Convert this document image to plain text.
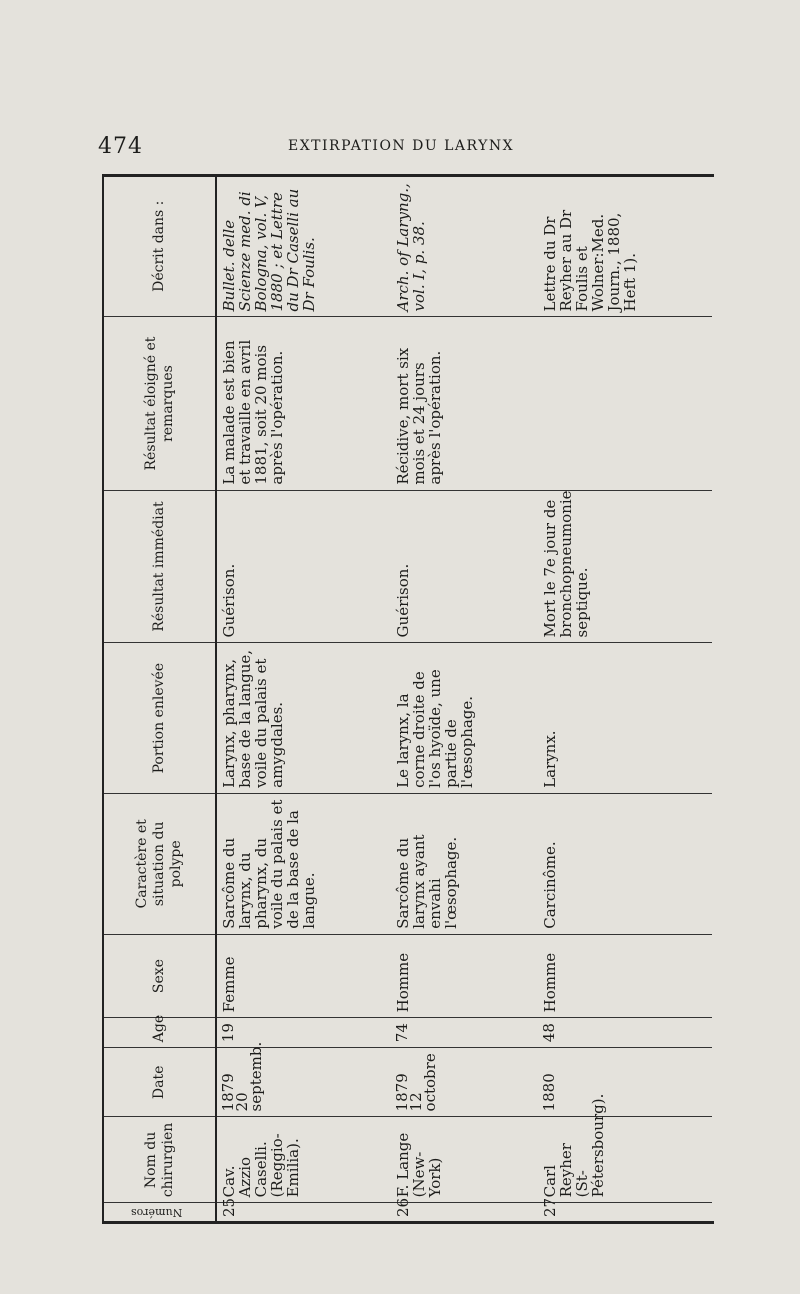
474	EXTIRPATION DU LARYNX
Numéros	Nom du chirurgien	Date	Age	Sexe	Caractère et situation du polype	Portion enlevée	Résultat immédiat	Résultat éloigné et remarques	Décrit dans :
25	Cav. Azzio Caselli. (Reggio-Emilia).	1879 20 septemb.	19	Femme	Sarcôme du larynx, du pharynx, du voile du palais et de la base de la langue.	Larynx, pharynx, base de la langue, voile du palais et amygdales.	Guérison.	La malade est bien et travaille en avril 1881, soit 20 mois après l'opération.	Bullet. delle Scienze med. di Bologna, vol. V, 1880 ; et Lettre du Dr Caselli au Dr Foulis.
26	F. Lange (New-York)	1879 12 octobre	74	Homme	Sarcôme du larynx ayant envahi l'œsophage.	Le larynx, la corne droite de l'os hyoïde, une partie de l'œsophage.	Guérison.	Récidive, mort six mois et 24 jours après l'opération.	Arch. of Laryng., vol. I, p. 38.
27	Carl Reyher (St-Pétersbourg).	1880	48	Homme	Carcinôme.	Larynx.	Mort le 7e jour de bronchopneumonie septique.		Lettre du Dr Reyher au Dr Foulis et Wolner:Med. Journ., 1880, Heft 1).
